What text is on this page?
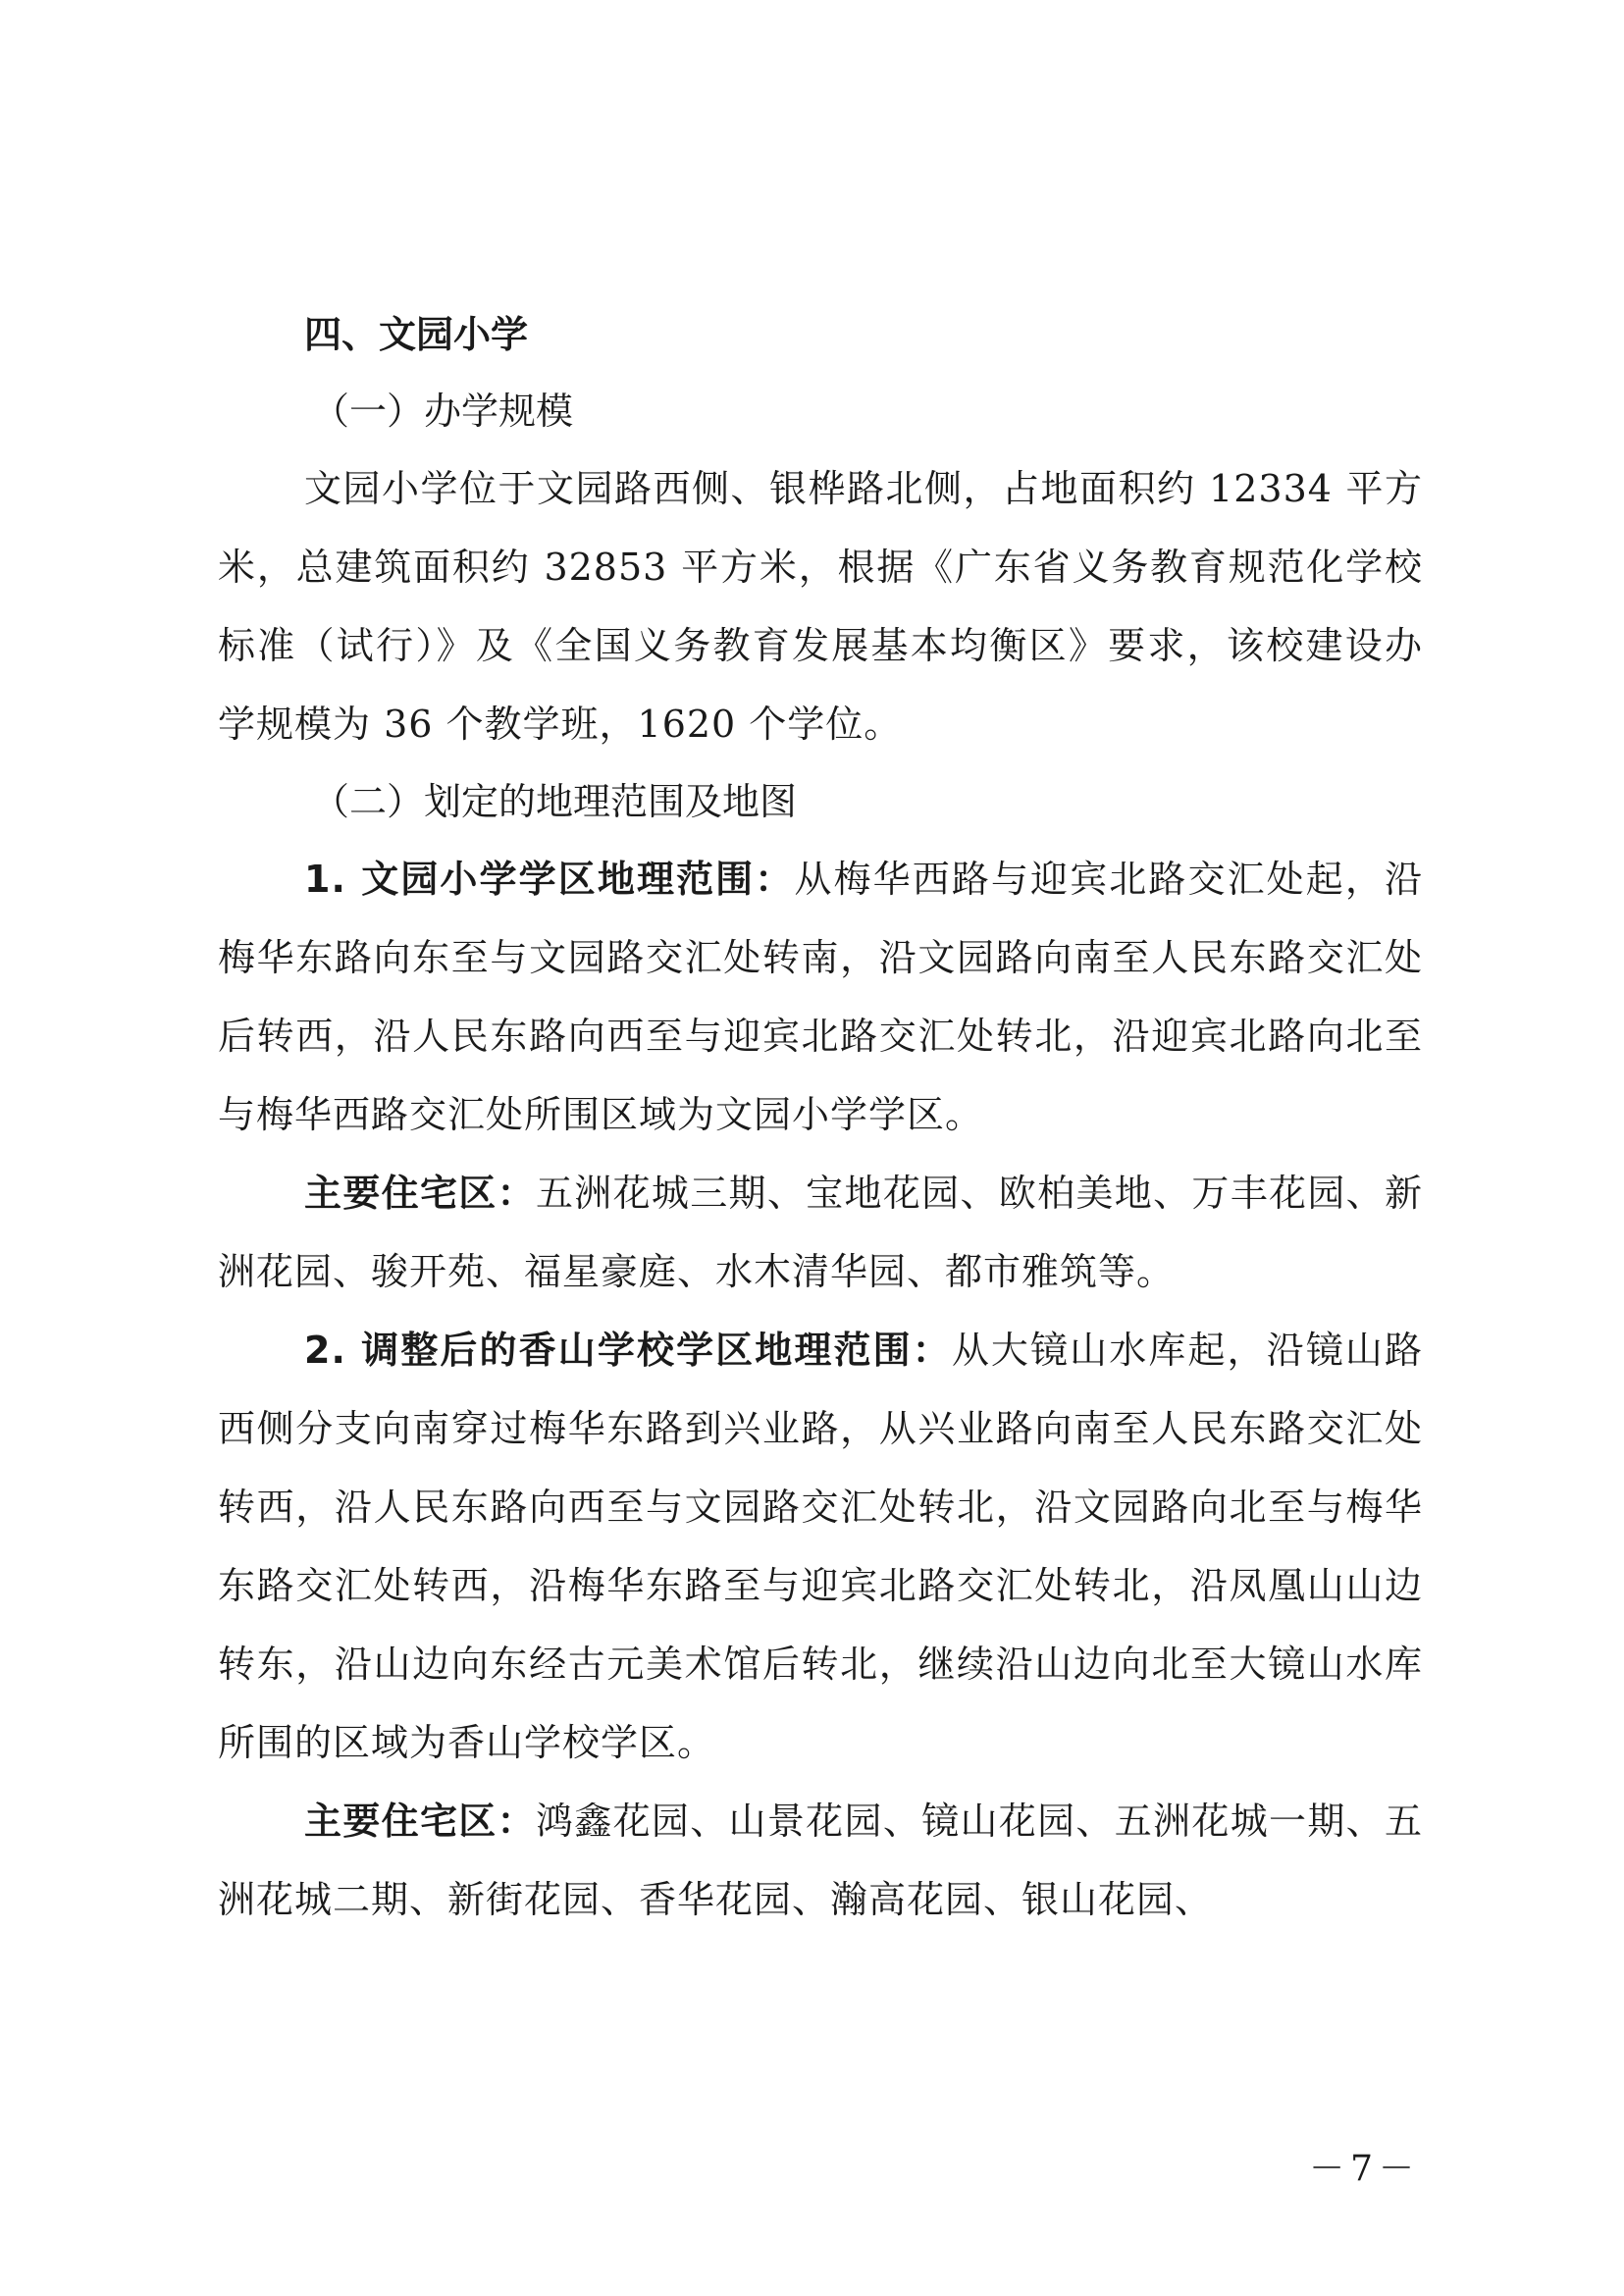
四、文园小学
（一）办学规模

文园小学位于文园路西侧、银桦路北侧，占地面积约 12334 平方米，总建筑面积约 32853 平方米，根据《广东省义务教育规范化学校标准（试行）》及《全国义务教育发展基本均衡区》要求，该校建设办学规模为 36 个教学班，1620 个学位。

（二）划定的地理范围及地图

1. 文园小学学区地理范围：从梅华西路与迎宾北路交汇处起，沿梅华东路向东至与文园路交汇处转南，沿文园路向南至人民东路交汇处后转西，沿人民东路向西至与迎宾北路交汇处转北，沿迎宾北路向北至与梅华西路交汇处所围区域为文园小学学区。

主要住宅区：五洲花城三期、宝地花园、欧柏美地、万丰花园、新洲花园、骏开苑、福星豪庭、水木清华园、都市雅筑等。

2. 调整后的香山学校学区地理范围：从大镜山水库起，沿镜山路西侧分支向南穿过梅华东路到兴业路，从兴业路向南至人民东路交汇处转西，沿人民东路向西至与文园路交汇处转北，沿文园路向北至与梅华东路交汇处转西，沿梅华东路至与迎宾北路交汇处转北，沿凤凰山山边转东，沿山边向东经古元美术馆后转北，继续沿山边向北至大镜山水库所围的区域为香山学校学区。

主要住宅区：鸿鑫花园、山景花园、镜山花园、五洲花城一期、五洲花城二期、新街花园、香华花园、瀚高花园、银山花园、

－7－
